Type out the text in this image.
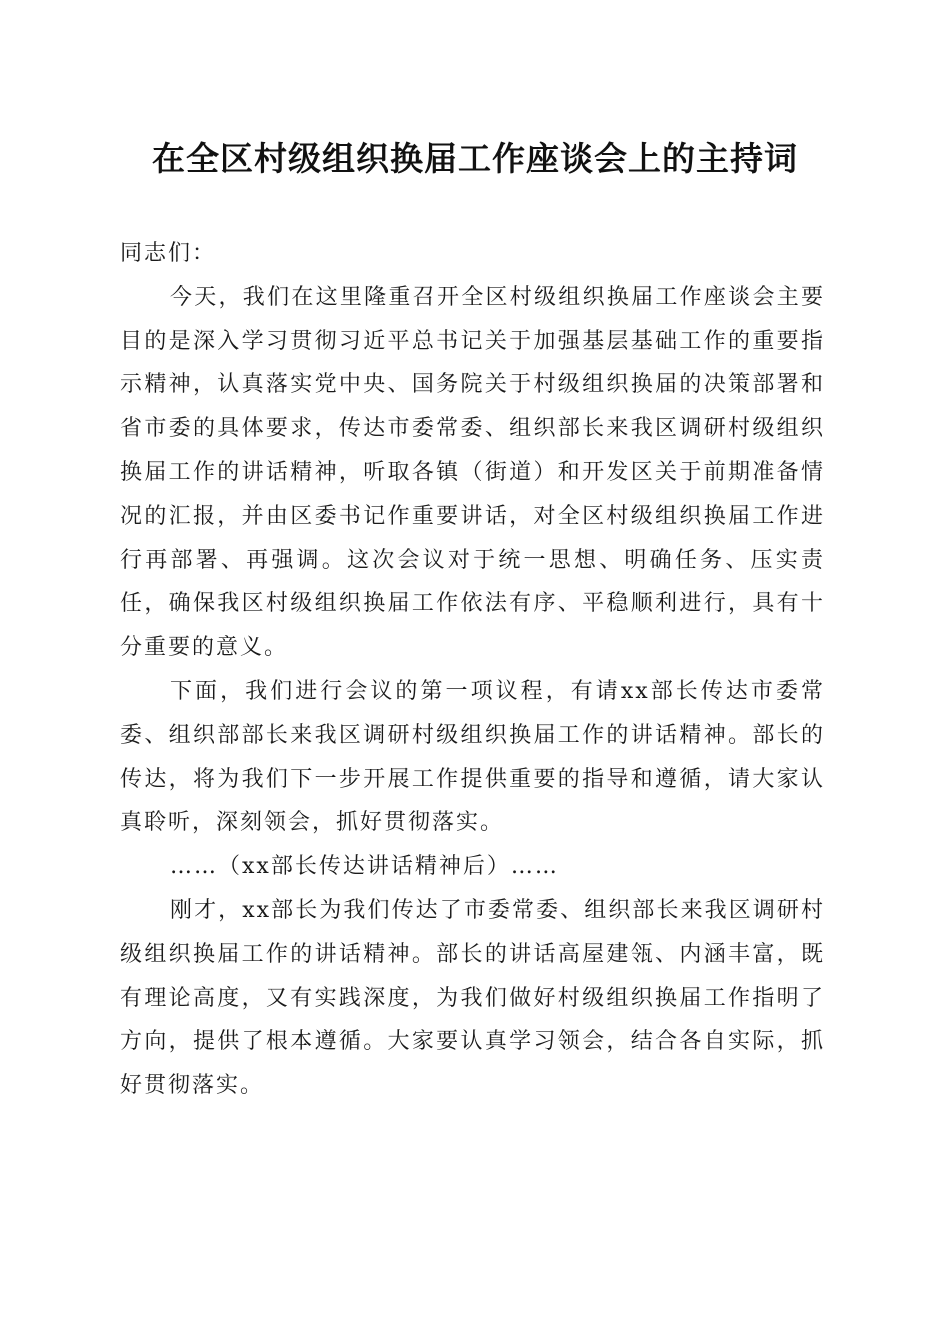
在全区村级组织换届工作座谈会上的主持词

同志们：

今天，我们在这里隆重召开全区村级组织换届工作座谈会主要目的是深入学习贯彻习近平总书记关于加强基层基础工作的重要指示精神，认真落实党中央、国务院关于村级组织换届的决策部署和省市委的具体要求，传达市委常委、组织部长来我区调研村级组织换届工作的讲话精神，听取各镇（街道）和开发区关于前期准备情况的汇报，并由区委书记作重要讲话，对全区村级组织换届工作进行再部署、再强调。这次会议对于统一思想、明确任务、压实责任，确保我区村级组织换届工作依法有序、平稳顺利进行，具有十分重要的意义。

下面，我们进行会议的第一项议程，有请xx部长传达市委常委、组织部部长来我区调研村级组织换届工作的讲话精神。部长的传达，将为我们下一步开展工作提供重要的指导和遵循，请大家认真聆听，深刻领会，抓好贯彻落实。

……（xx部长传达讲话精神后）……

刚才，xx部长为我们传达了市委常委、组织部长来我区调研村级组织换届工作的讲话精神。部长的讲话高屋建瓴、内涵丰富，既有理论高度，又有实践深度，为我们做好村级组织换届工作指明了方向，提供了根本遵循。大家要认真学习领会，结合各自实际，抓好贯彻落实。
